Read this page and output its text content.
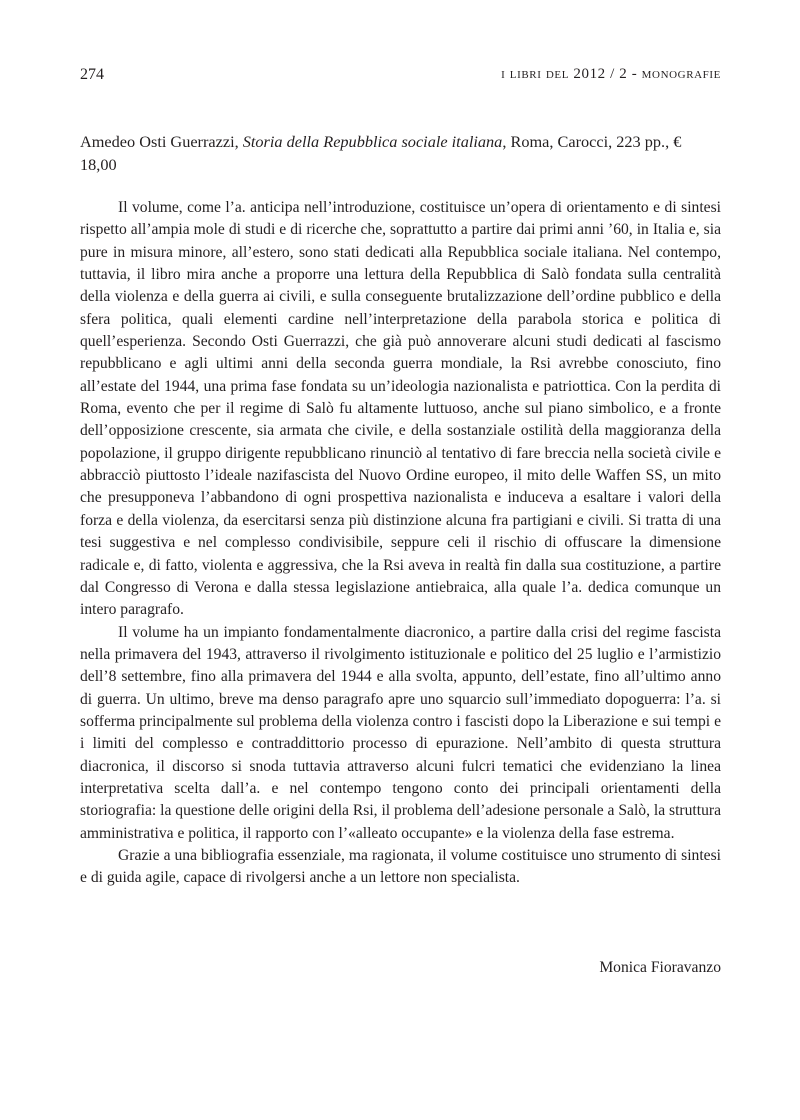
274	i libri del 2012 / 2 - monografie
Amedeo Osti Guerrazzi, Storia della Repubblica sociale italiana, Roma, Carocci, 223 pp., € 18,00

Il volume, come l’a. anticipa nell’introduzione, costituisce un’opera di orientamento e di sintesi rispetto all’ampia mole di studi e di ricerche che, soprattutto a partire dai primi anni ’60, in Italia e, sia pure in misura minore, all’estero, sono stati dedicati alla Repubblica sociale italiana. Nel contempo, tuttavia, il libro mira anche a proporre una lettura della Repubblica di Salò fondata sulla centralità della violenza e della guerra ai civili, e sulla conseguente brutalizzazione dell’ordine pubblico e della sfera politica, quali elementi cardine nell’interpretazione della parabola storica e politica di quell’esperienza. Secondo Osti Guerrazzi, che già può annoverare alcuni studi dedicati al fascismo repubblicano e agli ultimi anni della seconda guerra mondiale, la Rsi avrebbe conosciuto, fino all’estate del 1944, una prima fase fondata su un’ideologia nazionalista e patriottica. Con la perdita di Roma, evento che per il regime di Salò fu altamente luttuoso, anche sul piano simbolico, e a fronte dell’opposizione crescente, sia armata che civile, e della sostanziale ostilità della maggioranza della popolazione, il gruppo dirigente repubblicano rinunciò al tentativo di fare breccia nella società civile e abbracciò piuttosto l’ideale nazifascista del Nuovo Ordine europeo, il mito delle Waffen SS, un mito che presupponeva l’abbandono di ogni prospettiva nazionalista e induceva a esaltare i valori della forza e della violenza, da esercitarsi senza più distinzione alcuna fra partigiani e civili. Si tratta di una tesi suggestiva e nel complesso condivisibile, seppure celi il rischio di offuscare la dimensione radicale e, di fatto, violenta e aggressiva, che la Rsi aveva in realtà fin dalla sua costituzione, a partire dal Congresso di Verona e dalla stessa legislazione antiebraica, alla quale l’a. dedica comunque un intero paragrafo.

Il volume ha un impianto fondamentalmente diacronico, a partire dalla crisi del regime fascista nella primavera del 1943, attraverso il rivolgimento istituzionale e politico del 25 luglio e l’armistizio dell’8 settembre, fino alla primavera del 1944 e alla svolta, appunto, dell’estate, fino all’ultimo anno di guerra. Un ultimo, breve ma denso paragrafo apre uno squarcio sull’immediato dopoguerra: l’a. si sofferma principalmente sul problema della violenza contro i fascisti dopo la Liberazione e sui tempi e i limiti del complesso e contraddittorio processo di epurazione. Nell’ambito di questa struttura diacronica, il discorso si snoda tuttavia attraverso alcuni fulcri tematici che evidenziano la linea interpretativa scelta dall’a. e nel contempo tengono conto dei principali orientamenti della storiografia: la questione delle origini della Rsi, il problema dell’adesione personale a Salò, la struttura amministrativa e politica, il rapporto con l’«alleato occupante» e la violenza della fase estrema.

Grazie a una bibliografia essenziale, ma ragionata, il volume costituisce uno strumento di sintesi e di guida agile, capace di rivolgersi anche a un lettore non specialista.

Monica Fioravanzo
